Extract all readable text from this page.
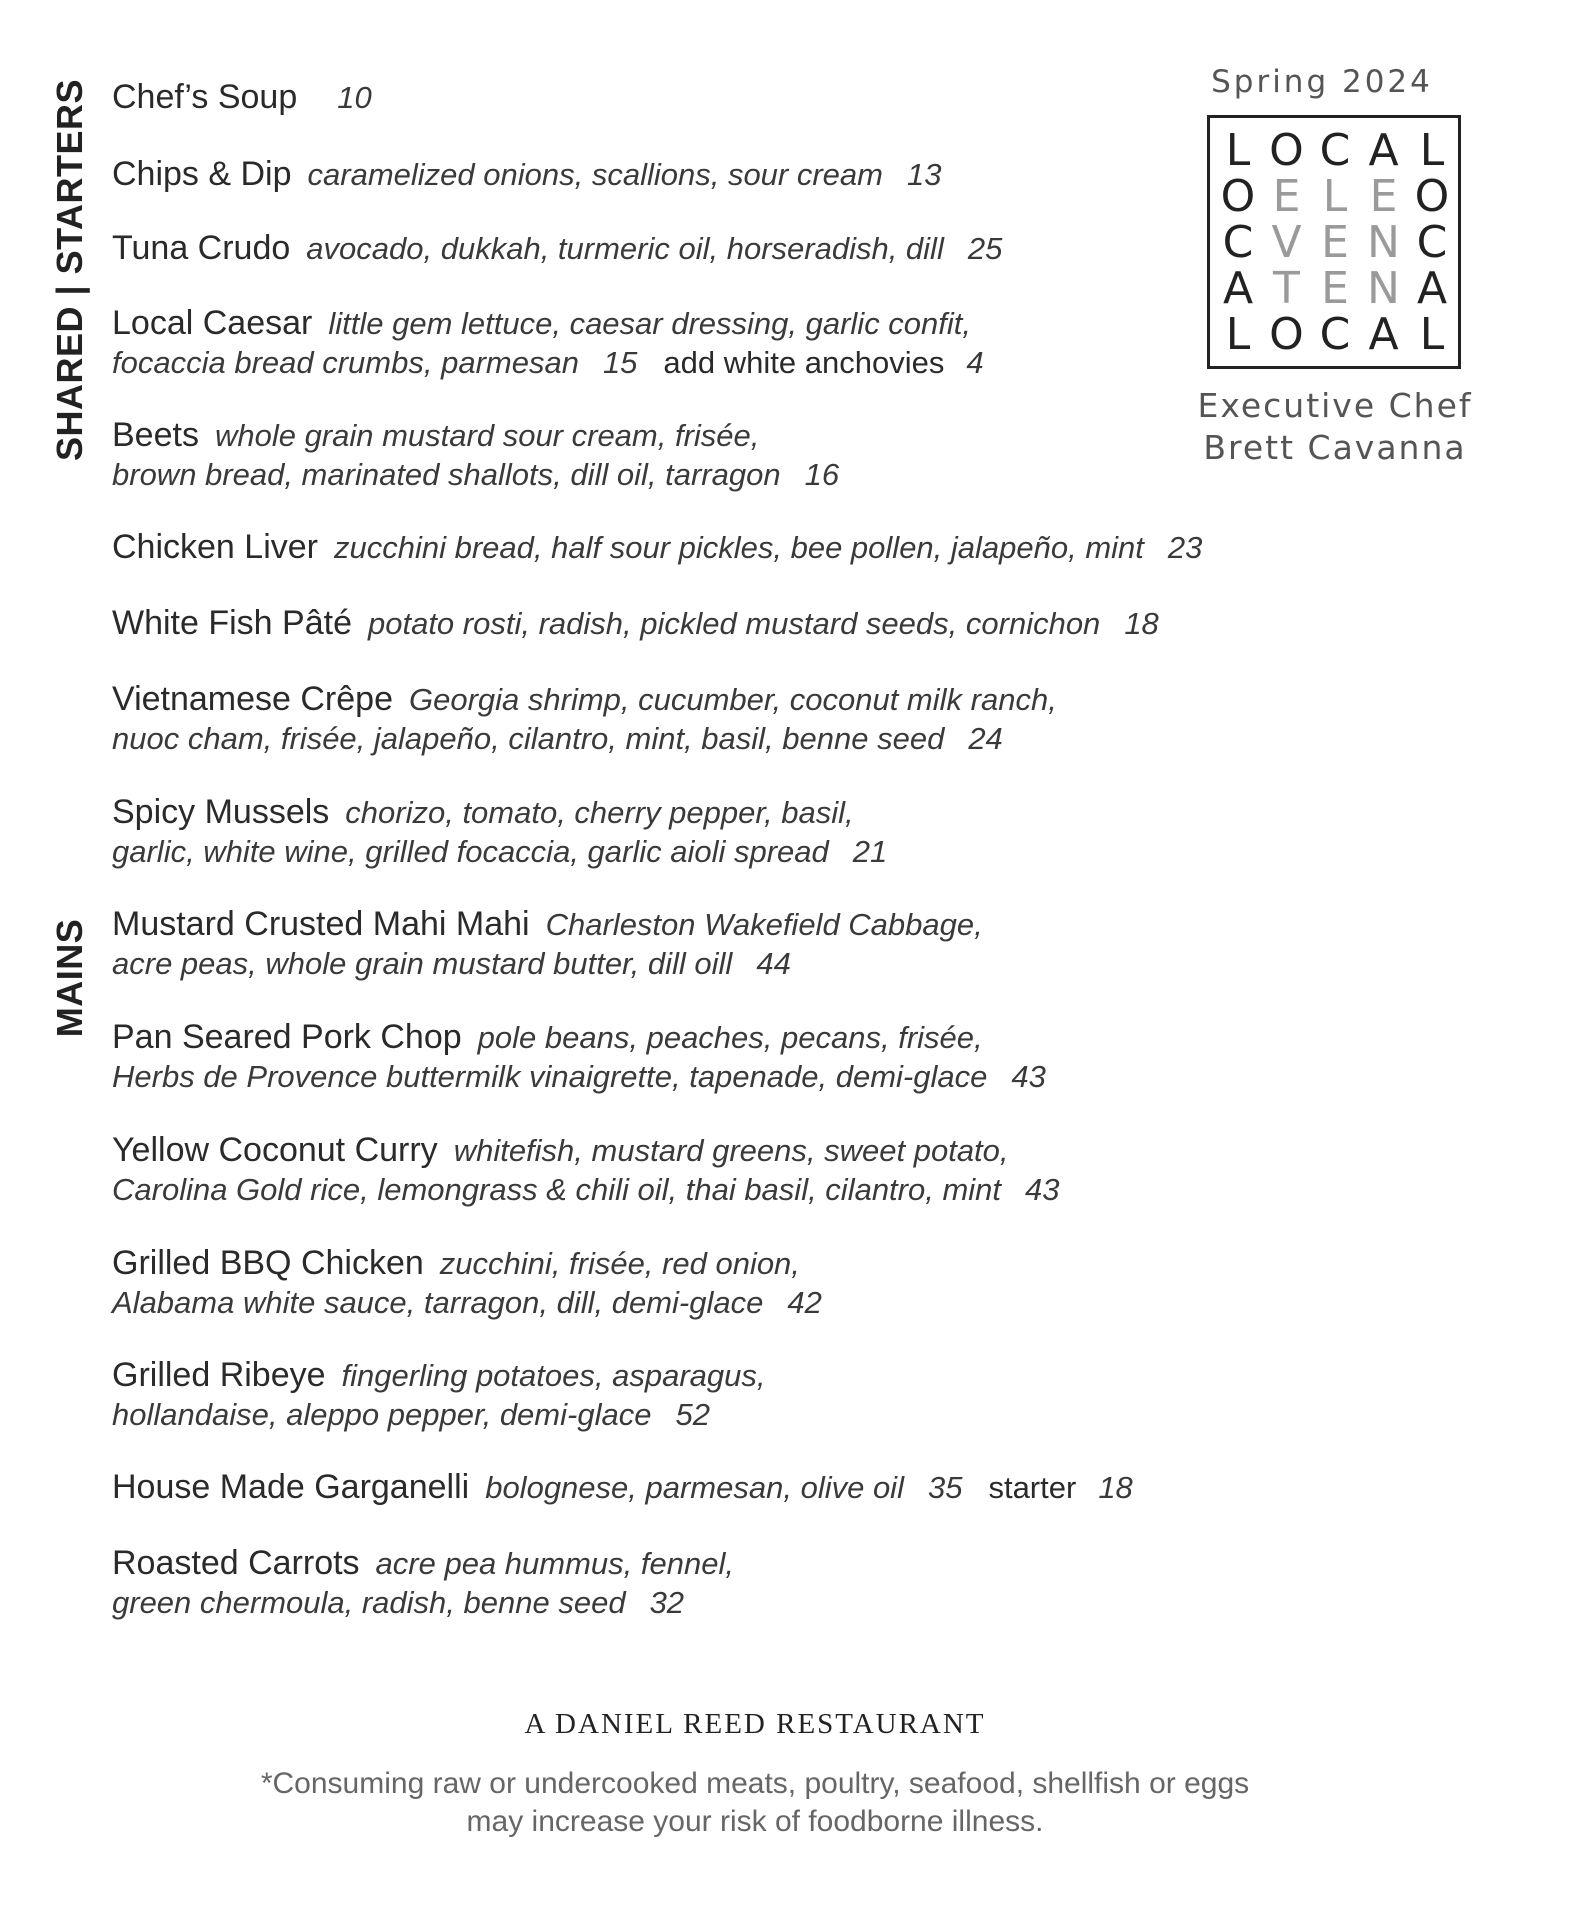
SHARED | STARTERS
MAINS
Chef’s Soup 10
Chips & Dip caramelized onions, scallions, sour cream 13
Tuna Crudo avocado, dukkah, turmeric oil, horseradish, dill 25
Local Caesar little gem lettuce, caesar dressing, garlic confit,
focaccia bread crumbs, parmesan 15 add white anchovies 4
Beets whole grain mustard sour cream, frisée,
brown bread, marinated shallots, dill oil, tarragon 16
Chicken Liver zucchini bread, half sour pickles, bee pollen, jalapeño, mint 23
White Fish Pâté potato rosti, radish, pickled mustard seeds, cornichon 18
Vietnamese Crêpe Georgia shrimp, cucumber, coconut milk ranch,
nuoc cham, frisée, jalapeño, cilantro, mint, basil, benne seed 24
Spicy Mussels chorizo, tomato, cherry pepper, basil,
garlic, white wine, grilled focaccia, garlic aioli spread 21
Mustard Crusted Mahi Mahi Charleston Wakefield Cabbage,
acre peas, whole grain mustard butter, dill oill 44
Pan Seared Pork Chop pole beans, peaches, pecans, frisée,
Herbs de Provence buttermilk vinaigrette, tapenade, demi-glace 43
Yellow Coconut Curry whitefish, mustard greens, sweet potato,
Carolina Gold rice, lemongrass & chili oil, thai basil, cilantro, mint 43
Grilled BBQ Chicken zucchini, frisée, red onion,
Alabama white sauce, tarragon, dill, demi-glace 42
Grilled Ribeye fingerling potatoes, asparagus,
hollandaise, aleppo pepper, demi-glace 52
House Made Garganelli bolognese, parmesan, olive oil 35 starter 18
Roasted Carrots acre pea hummus, fennel,
green chermoula, radish, benne seed 32
Spring 2024
L O C A L
O E L E O
C V E N C
A T E N A
L O C A L
Executive Chef
Brett Cavanna
A DANIEL REED RESTAURANT
*Consuming raw or undercooked meats, poultry, seafood, shellfish or eggs
may increase your risk of foodborne illness.
